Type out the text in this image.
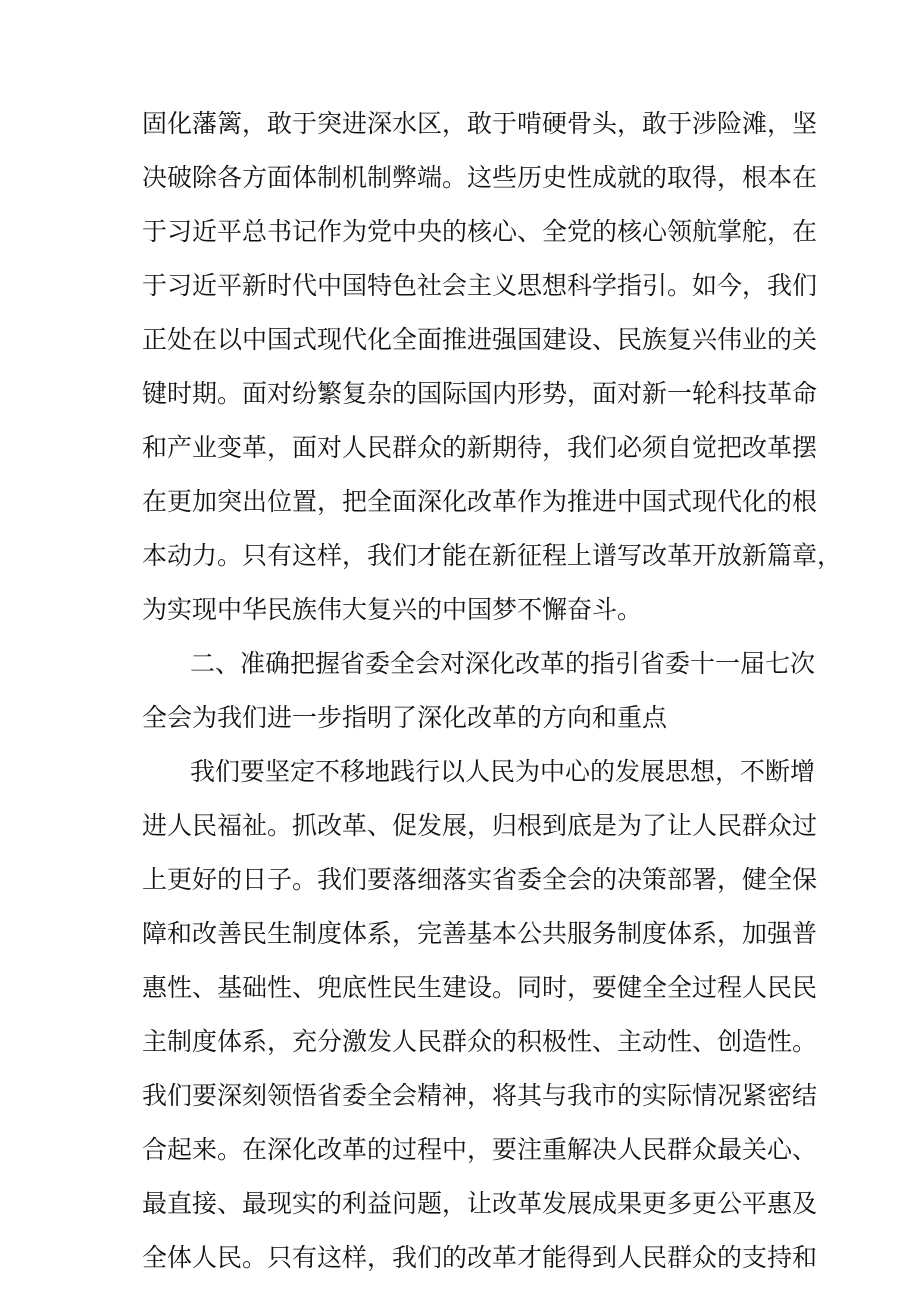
固化藩篱，敢于突进深水区，敢于啃硬骨头，敢于涉险滩，坚
决破除各方面体制机制弊端。这些历史性成就的取得，根本在
于习近平总书记作为党中央的核心、全党的核心领航掌舵，在
于习近平新时代中国特色社会主义思想科学指引。如今，我们
正处在以中国式现代化全面推进强国建设、民族复兴伟业的关
键时期。面对纷繁复杂的国际国内形势，面对新一轮科技革命
和产业变革，面对人民群众的新期待，我们必须自觉把改革摆
在更加突出位置，把全面深化改革作为推进中国式现代化的根
本动力。只有这样，我们才能在新征程上谱写改革开放新篇章，
为实现中华民族伟大复兴的中国梦不懈奋斗。
二、准确把握省委全会对深化改革的指引省委十一届七次
全会为我们进一步指明了深化改革的方向和重点
我们要坚定不移地践行以人民为中心的发展思想，不断增
进人民福祉。抓改革、促发展，归根到底是为了让人民群众过
上更好的日子。我们要落细落实省委全会的决策部署，健全保
障和改善民生制度体系，完善基本公共服务制度体系，加强普
惠性、基础性、兜底性民生建设。同时，要健全全过程人民民
主制度体系，充分激发人民群众的积极性、主动性、创造性。
我们要深刻领悟省委全会精神，将其与我市的实际情况紧密结
合起来。在深化改革的过程中，要注重解决人民群众最关心、
最直接、最现实的利益问题，让改革发展成果更多更公平惠及
全体人民。只有这样，我们的改革才能得到人民群众的支持和
